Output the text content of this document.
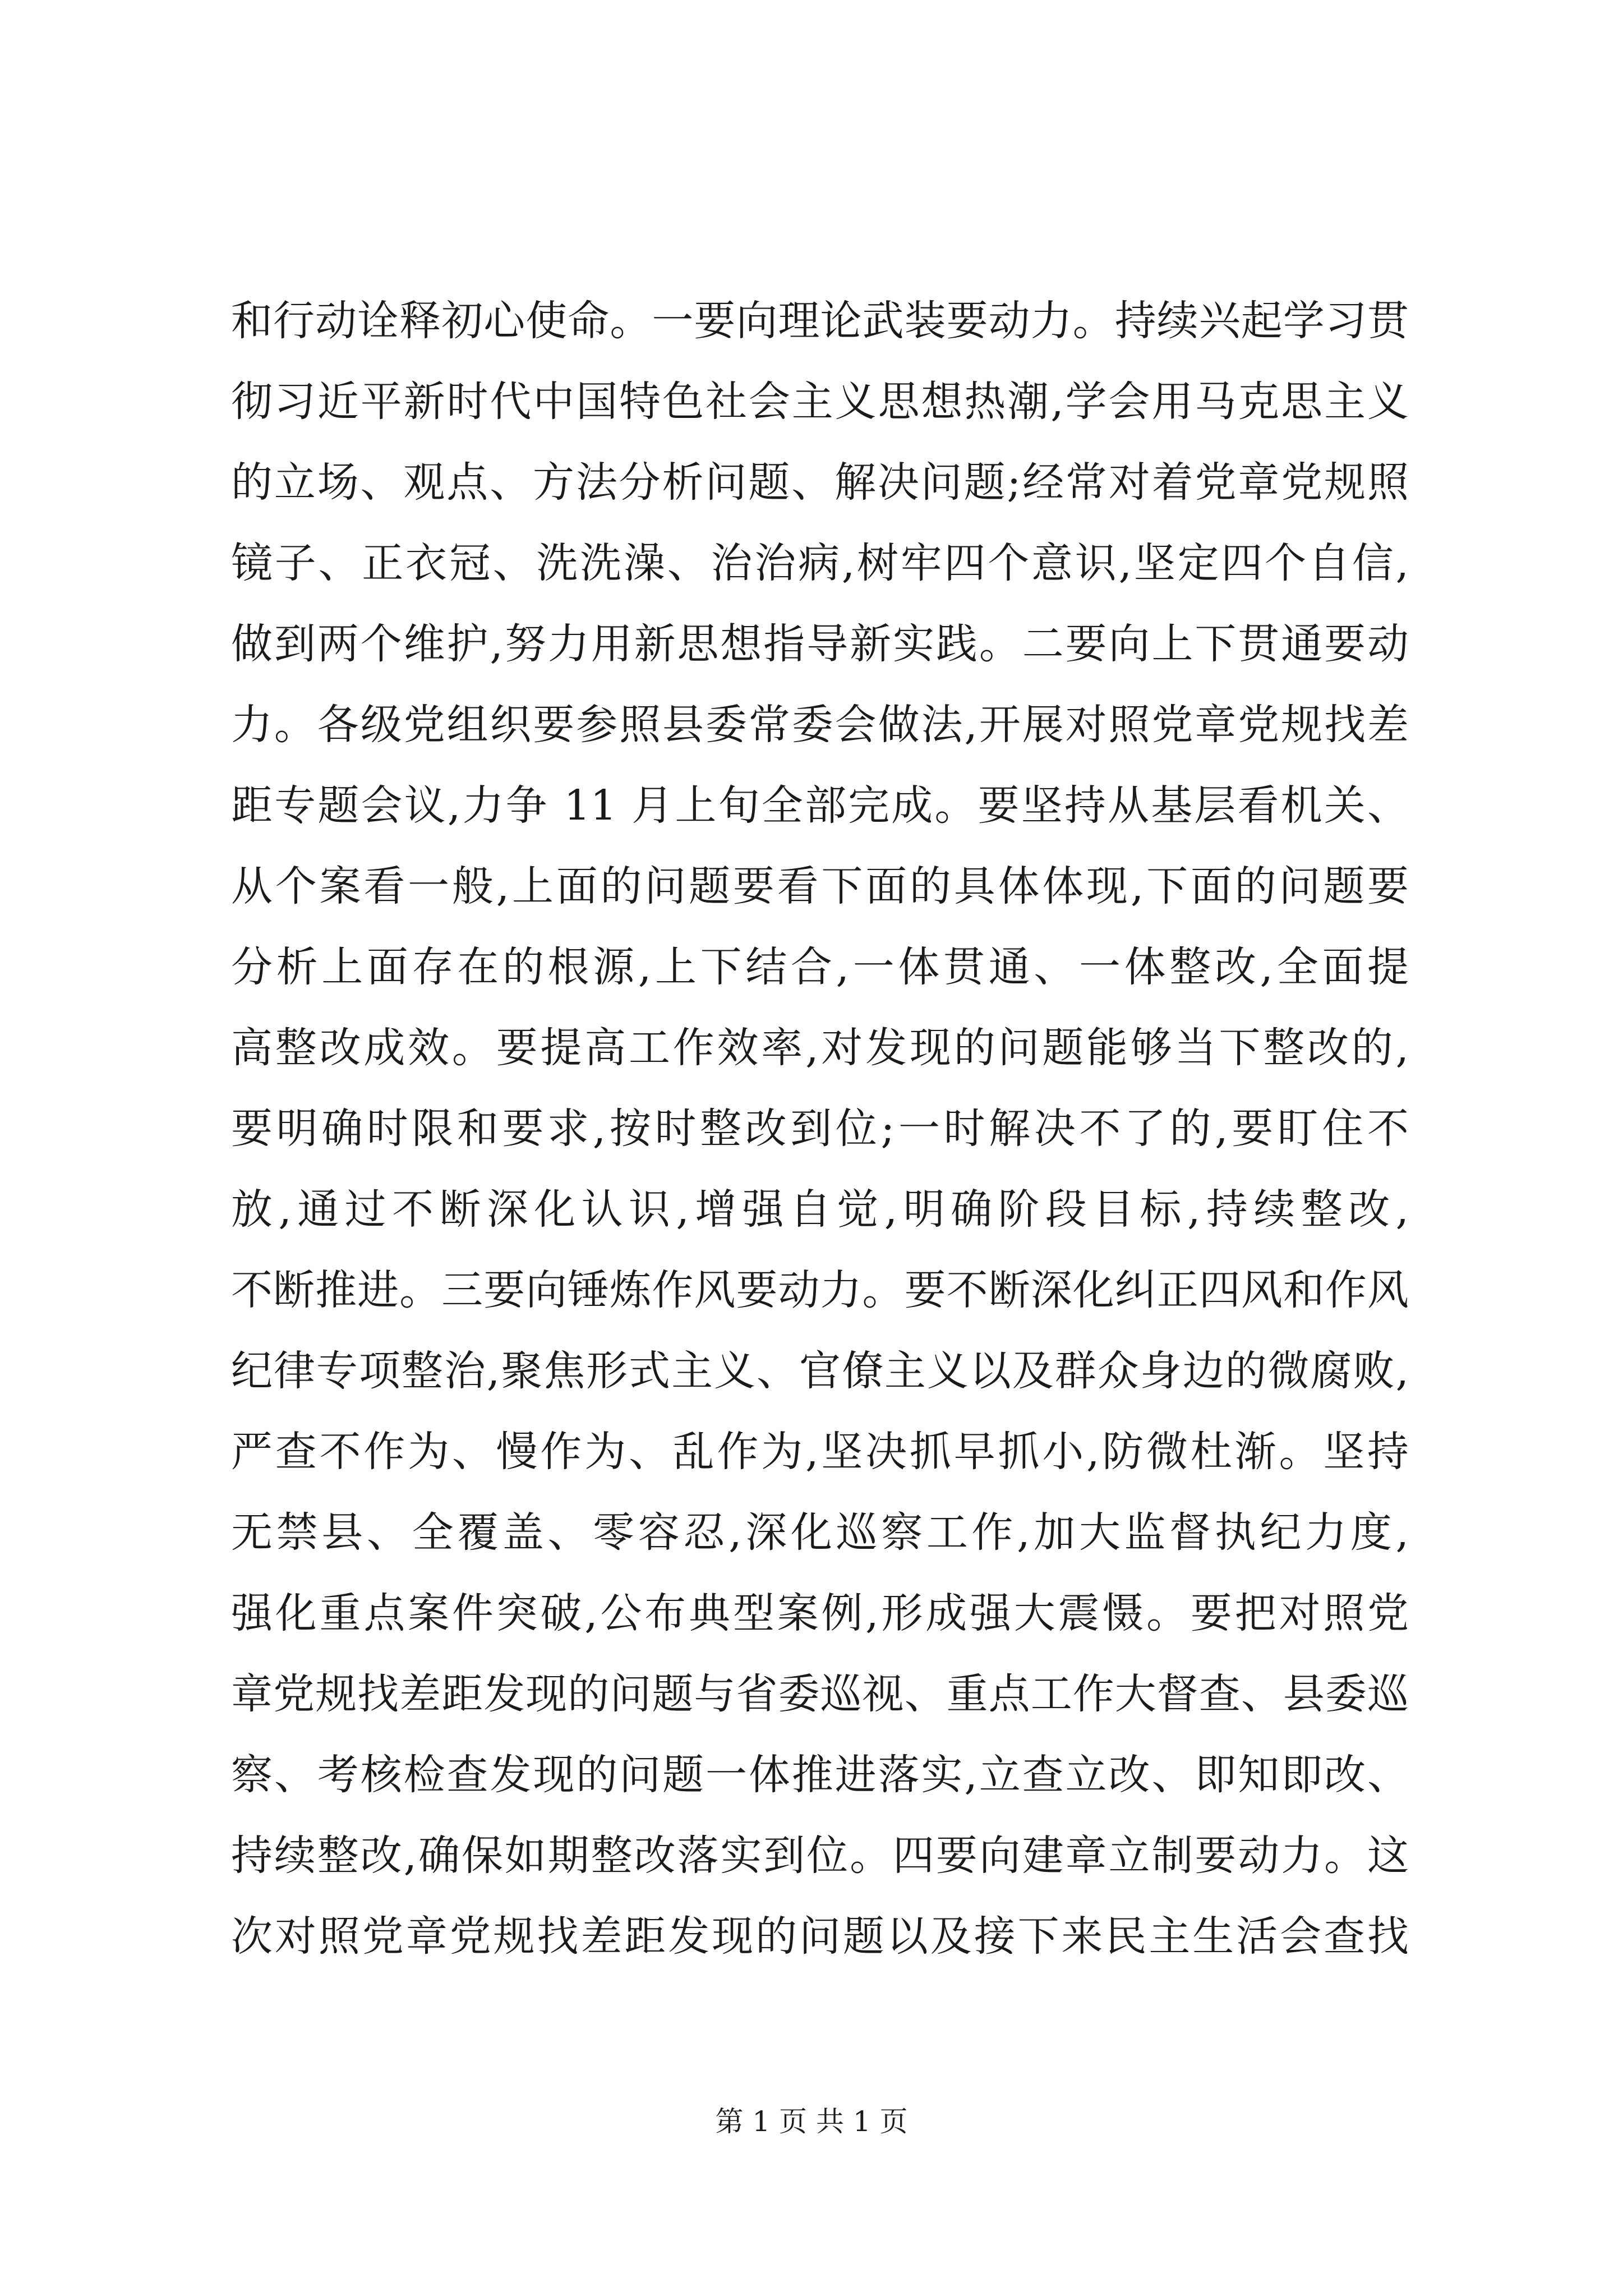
和行动诠释初心使命。一要向理论武装要动力。持续兴起学习贯
彻习近平新时代中国特色社会主义思想热潮,学会用马克思主义
的立场、观点、方法分析问题、解决问题;经常对着党章党规照
镜子、正衣冠、洗洗澡、治治病,树牢四个意识,坚定四个自信,
做到两个维护,努力用新思想指导新实践。二要向上下贯通要动
力。各级党组织要参照县委常委会做法,开展对照党章党规找差
距专题会议,力争 11 月上旬全部完成。要坚持从基层看机关、
从个案看一般,上面的问题要看下面的具体体现,下面的问题要
分析上面存在的根源,上下结合,一体贯通、一体整改,全面提
高整改成效。要提高工作效率,对发现的问题能够当下整改的,
要明确时限和要求,按时整改到位;一时解决不了的,要盯住不
放,通过不断深化认识,增强自觉,明确阶段目标,持续整改,
不断推进。三要向锤炼作风要动力。要不断深化纠正四风和作风
纪律专项整治,聚焦形式主义、官僚主义以及群众身边的微腐败,
严查不作为、慢作为、乱作为,坚决抓早抓小,防微杜渐。坚持
无禁县、全覆盖、零容忍,深化巡察工作,加大监督执纪力度,
强化重点案件突破,公布典型案例,形成强大震慑。要把对照党
章党规找差距发现的问题与省委巡视、重点工作大督查、县委巡
察、考核检查发现的问题一体推进落实,立查立改、即知即改、
持续整改,确保如期整改落实到位。四要向建章立制要动力。这
次对照党章党规找差距发现的问题以及接下来民主生活会查找
第 1 页 共 1 页
